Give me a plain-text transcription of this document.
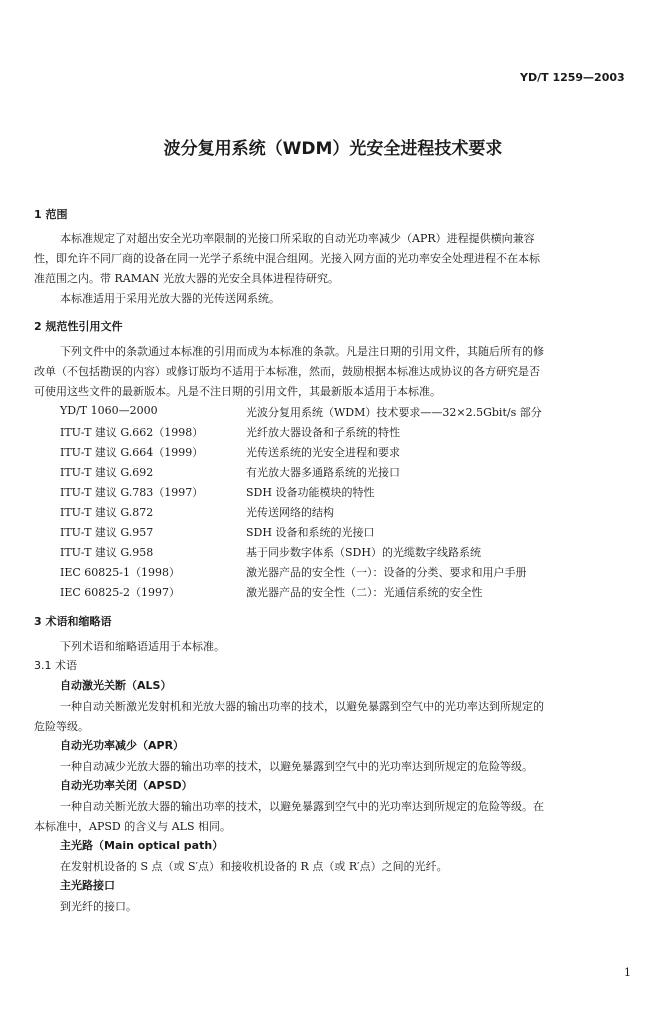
YD/T 1259—2003
波分复用系统（WDM）光安全进程技术要求
1 范围
本标准规定了对超出安全光功率限制的光接口所采取的自动光功率减少（APR）进程提供横向兼容
性，即允许不同厂商的设备在同一光学子系统中混合组网。光接入网方面的光功率安全处理进程不在本标
准范围之内。带 RAMAN 光放大器的光安全具体进程待研究。
本标准适用于采用光放大器的光传送网系统。
2 规范性引用文件
下列文件中的条款通过本标准的引用而成为本标准的条款。凡是注日期的引用文件，其随后所有的修
改单（不包括勘误的内容）或修订版均不适用于本标准，然而，鼓励根据本标准达成协议的各方研究是否
可使用这些文件的最新版本。凡是不注日期的引用文件，其最新版本适用于本标准。
YD/T 1060—2000	光波分复用系统（WDM）技术要求——32×2.5Gbit/s 部分
ITU-T 建议 G.662（1998）	光纤放大器设备和子系统的特性
ITU-T 建议 G.664（1999）	光传送系统的光安全进程和要求
ITU-T 建议 G.692	有光放大器多通路系统的光接口
ITU-T 建议 G.783（1997）	SDH 设备功能模块的特性
ITU-T 建议 G.872	光传送网络的结构
ITU-T 建议 G.957	SDH 设备和系统的光接口
ITU-T 建议 G.958	基于同步数字体系（SDH）的光缆数字线路系统
IEC 60825-1（1998）	激光器产品的安全性（一）：设备的分类、要求和用户手册
IEC 60825-2（1997）	激光器产品的安全性（二）：光通信系统的安全性
3 术语和缩略语
下列术语和缩略语适用于本标准。
3.1 术语
自动激光关断（ALS）
一种自动关断激光发射机和光放大器的输出功率的技术，以避免暴露到空气中的光功率达到所规定的
危险等级。
自动光功率减少（APR）
一种自动减少光放大器的输出功率的技术，以避免暴露到空气中的光功率达到所规定的危险等级。
自动光功率关闭（APSD）
一种自动关断光放大器的输出功率的技术，以避免暴露到空气中的光功率达到所规定的危险等级。在
本标准中，APSD 的含义与 ALS 相同。
主光路（Main optical path）
在发射机设备的 S 点（或 S′点）和接收机设备的 R 点（或 R′点）之间的光纤。
主光路接口
到光纤的接口。
1
